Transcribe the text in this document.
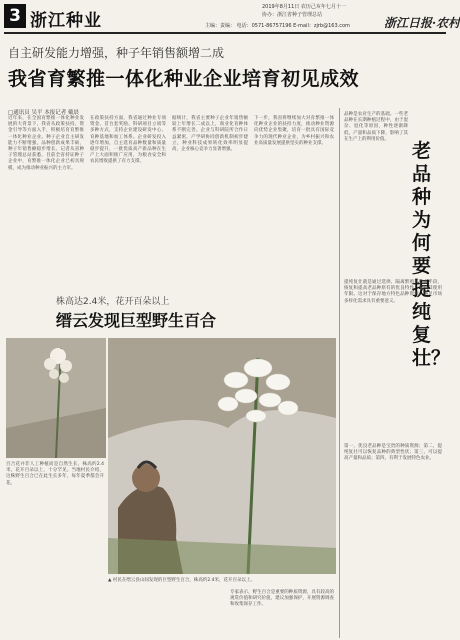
3 浙江种业
2019年8月11日 农历己亥年七月十一
协办：浙江省种子管理总站
主编：责编： 电话：0571-86757196 E-mail：zjrb@163.com	浙江日报·农村
自主研发能力增强，种子年销售额增二成
我省育繁推一体化种业企业培育初见成效
□通讯员 吴平 本报记者 戴晨
近年来，在全国育繁推一体化种业发展的大背景下，我省从政策扶持、资金引导等方面入手，积极培育育繁推一体化种业企业。种子企业自主研发能力不断增强，品种创新成果丰硕，种子年销售额稳步增长。记者从省种子管理总站获悉，目前全省持证种子企业中，育繁推一体化企业已初具规模，成为推动种业振兴的主力军。
在政策扶持方面，我省通过种业专项资金、首台套奖励、科研项目立项等多种方式，支持企业建设研发中心、育种基地和加工体系。企业研发投入逐年增加，自主选育品种数量和质量稳步提升，一批优质高产新品种在生产上大面积推广应用，为粮食安全和农民增收提供了有力支撑。
据统计，我省主要种子企业年销售额较上年增长二成以上，商业化育种体系不断完善。企业与科研院所合作日益紧密，产学研协同创新机制初步建立，种业科技成果转化效率明显提高，企业核心竞争力显著增强。
下一步，我省将继续加大对育繁推一体化种业企业的扶持力度，推动种业资源向优势企业集聚，培育一批具有国际竞争力的现代种业企业，为乡村振兴和农业高质量发展提供坚实的种业支撑。	老品种为何要提纯复壮？
品种是农业生产的基础。一些老品种在长期种植过程中，由于混杂、退化等原因，种性逐渐降低，产量和品质下降，影响了其在生产上的利用价值。
提纯复壮就是通过选择、隔离繁殖等技术手段，恢复和提高老品种原有的优良特性，延长其使用年限。这对于保存地方特色品种资源、满足市场多样化需求具有重要意义。
第一，优良老品种是宝贵的种质资源；第二，提纯复壮可以恢复品种的典型性状；第三，可以提高产量和品质；第四，有利于发展特色农业。
株高达2.4米，花开百朵以上
缙云发现巨型野生百合
百合花并非人工种植而是自然生长，株高约2.4米，花开百朵以上，十分罕见。当地村民介绍，这株野生百合已在此生长多年，每年夏季都会开花。
▲ 村民在缙云县山间发现的巨型野生百合，株高约2.4米，花开百朵以上。
专家表示，野生百合是重要的种质资源，具有较高的观赏价值和研究价值，建议加强保护，开展资源调查和收集保存工作。
